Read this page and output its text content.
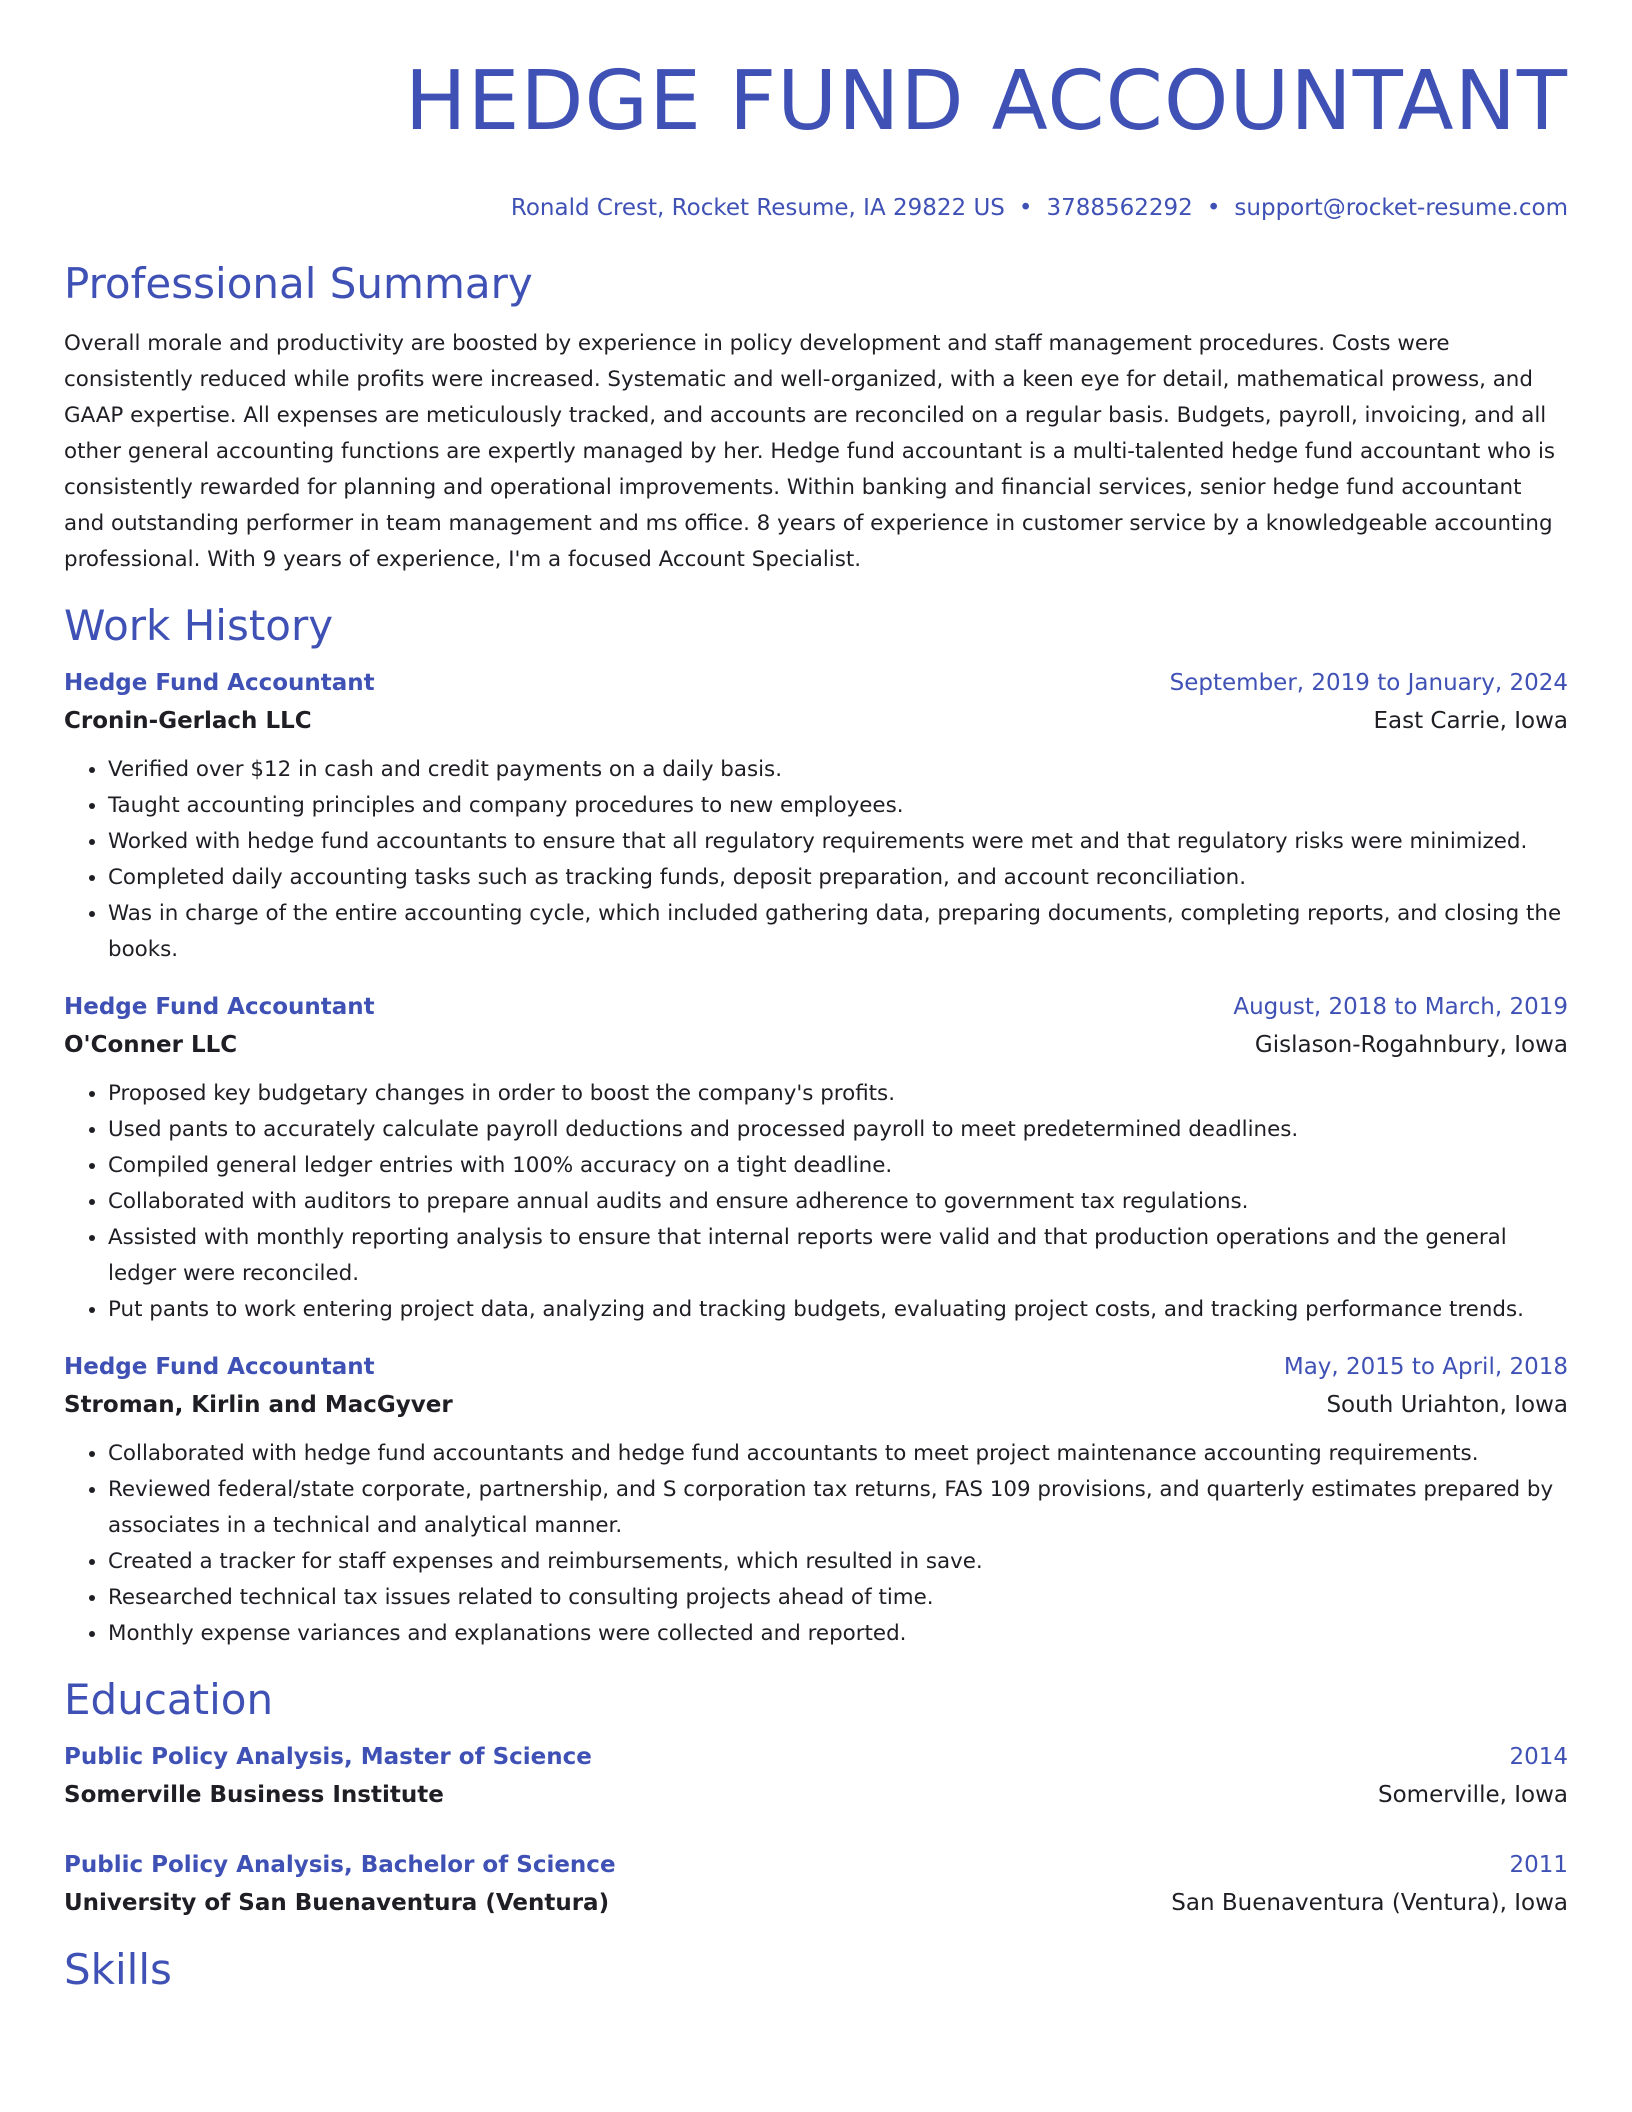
HEDGE FUND ACCOUNTANT
Ronald Crest, Rocket Resume, IA 29822 US • 3788562292 • support@rocket-resume.com
Professional Summary
Overall morale and productivity are boosted by experience in policy development and staff management procedures. Costs were consistently reduced while profits were increased. Systematic and well-organized, with a keen eye for detail, mathematical prowess, and GAAP expertise. All expenses are meticulously tracked, and accounts are reconciled on a regular basis. Budgets, payroll, invoicing, and all other general accounting functions are expertly managed by her. Hedge fund accountant is a multi-talented hedge fund accountant who is consistently rewarded for planning and operational improvements. Within banking and financial services, senior hedge fund accountant and outstanding performer in team management and ms office. 8 years of experience in customer service by a knowledgeable accounting professional. With 9 years of experience, I'm a focused Account Specialist.
Work History
Hedge Fund Accountant	September, 2019 to January, 2024
Cronin-Gerlach LLC	East Carrie, Iowa
• Verified over $12 in cash and credit payments on a daily basis.
• Taught accounting principles and company procedures to new employees.
• Worked with hedge fund accountants to ensure that all regulatory requirements were met and that regulatory risks were minimized.
• Completed daily accounting tasks such as tracking funds, deposit preparation, and account reconciliation.
• Was in charge of the entire accounting cycle, which included gathering data, preparing documents, completing reports, and closing the books.
Hedge Fund Accountant	August, 2018 to March, 2019
O'Conner LLC	Gislason-Rogahnbury, Iowa
• Proposed key budgetary changes in order to boost the company's profits.
• Used pants to accurately calculate payroll deductions and processed payroll to meet predetermined deadlines.
• Compiled general ledger entries with 100% accuracy on a tight deadline.
• Collaborated with auditors to prepare annual audits and ensure adherence to government tax regulations.
• Assisted with monthly reporting analysis to ensure that internal reports were valid and that production operations and the general ledger were reconciled.
• Put pants to work entering project data, analyzing and tracking budgets, evaluating project costs, and tracking performance trends.
Hedge Fund Accountant	May, 2015 to April, 2018
Stroman, Kirlin and MacGyver	South Uriahton, Iowa
• Collaborated with hedge fund accountants and hedge fund accountants to meet project maintenance accounting requirements.
• Reviewed federal/state corporate, partnership, and S corporation tax returns, FAS 109 provisions, and quarterly estimates prepared by associates in a technical and analytical manner.
• Created a tracker for staff expenses and reimbursements, which resulted in save.
• Researched technical tax issues related to consulting projects ahead of time.
• Monthly expense variances and explanations were collected and reported.
Education
Public Policy Analysis, Master of Science	2014
Somerville Business Institute	Somerville, Iowa
Public Policy Analysis, Bachelor of Science	2011
University of San Buenaventura (Ventura)	San Buenaventura (Ventura), Iowa
Skills
